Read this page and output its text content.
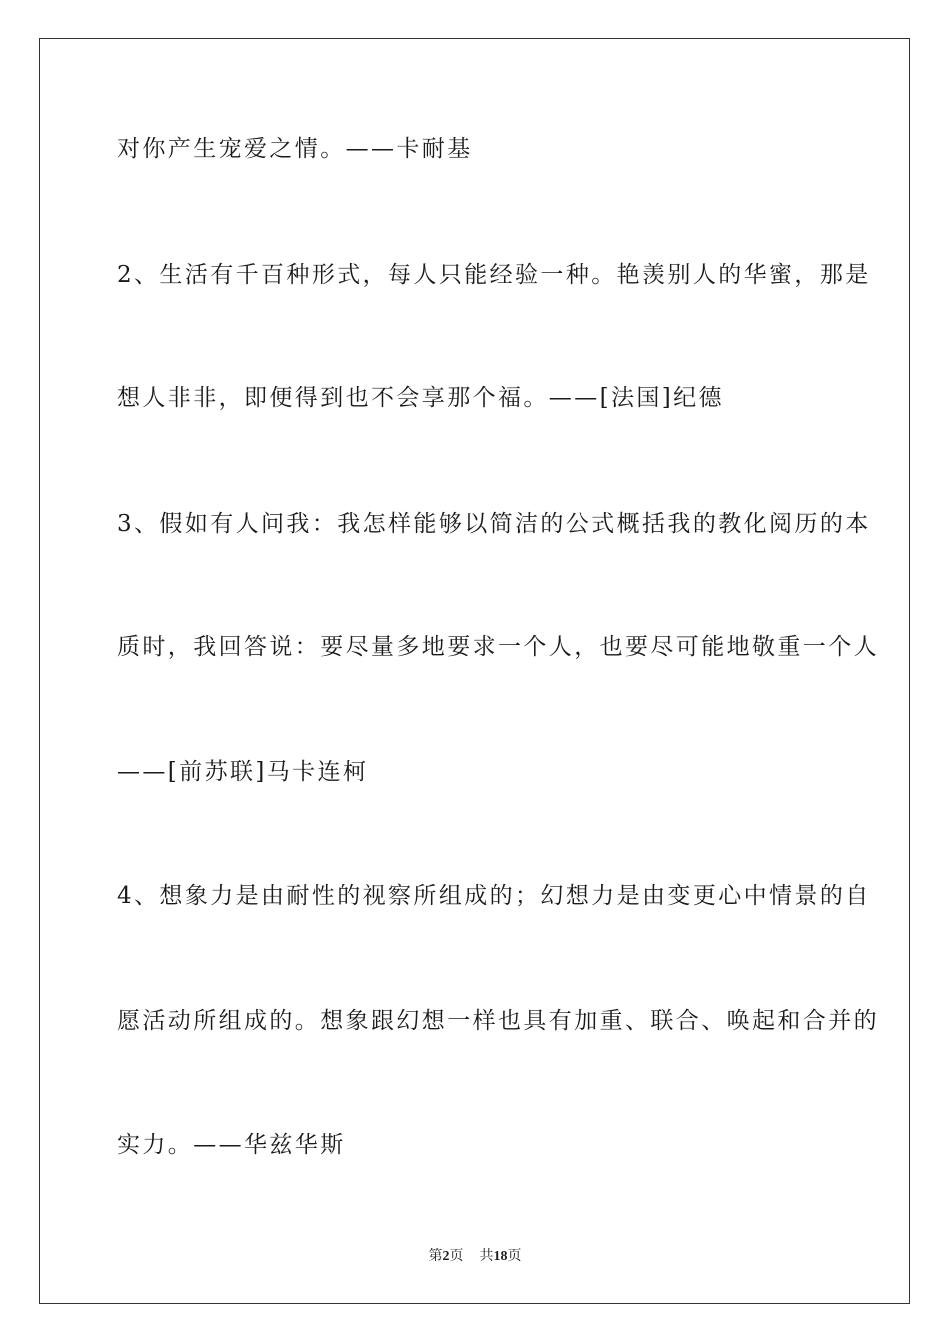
对你产生宠爱之情。——卡耐基
2、生活有千百种形式，每人只能经验一种。艳羡别人的华蜜，那是
想人非非，即便得到也不会享那个福。——[法国]纪德
3、假如有人问我：我怎样能够以简洁的公式概括我的教化阅历的本
质时，我回答说：要尽量多地要求一个人，也要尽可能地敬重一个人
——[前苏联]马卡连柯
4、想象力是由耐性的视察所组成的；幻想力是由变更心中情景的自
愿活动所组成的。想象跟幻想一样也具有加重、联合、唤起和合并的
实力。——华兹华斯
第2页 共18页
